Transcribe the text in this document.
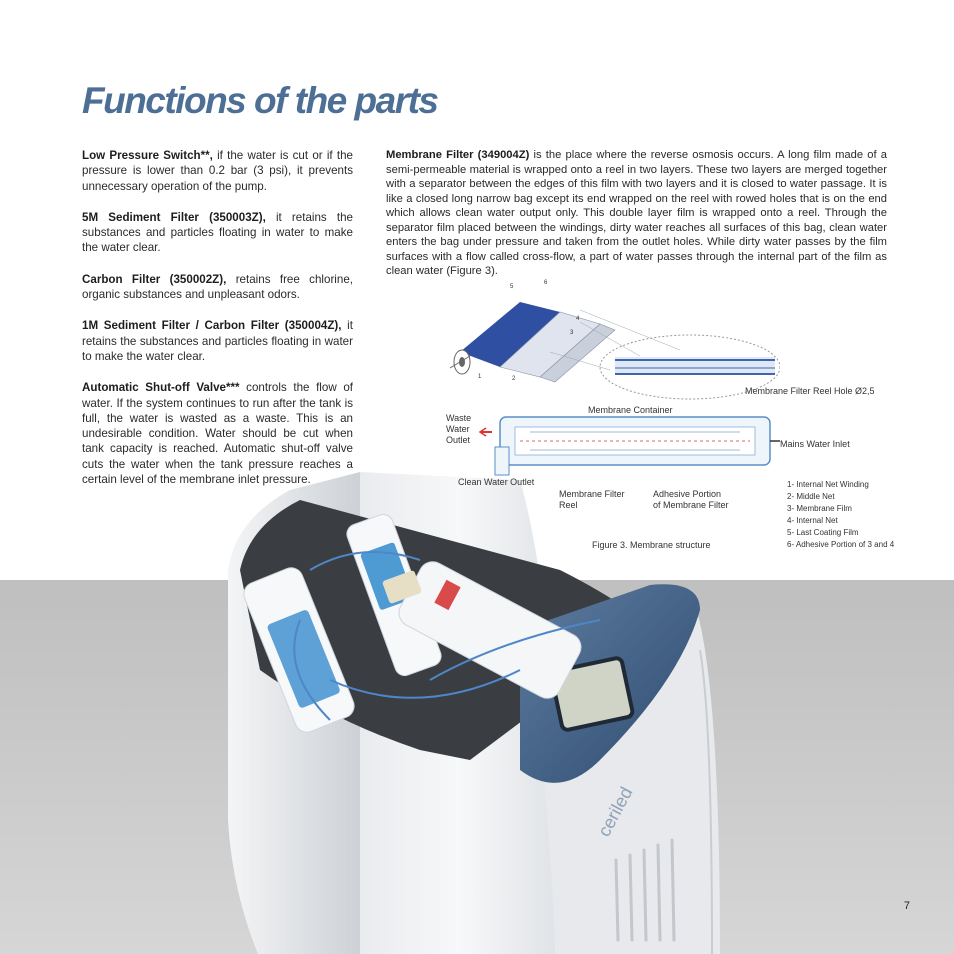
Functions of the parts

Low Pressure Switch**, if the water is cut or if the pressure is lower than 0.2 bar (3 psi), it prevents unnecessary operation of the pump.

5M Sediment Filter (350003Z), it retains the substances and particles floating in water to make the water clear.

Carbon Filter (350002Z), retains free chlorine, organic substances and unpleasant odors.

1M Sediment Filter / Carbon Filter (350004Z), it retains the substances and particles floating in water to make the water clear.

Automatic Shut-off Valve*** controls the flow of water. If the system continues to run after the tank is full, the water is wasted as a waste. This is an undesirable condition. Water should be cut when tank capacity is reached. Automatic shut-off valve cuts the water when the tank pressure reaches a certain level of the membrane inlet pressure.

Membrane Filter (349004Z) is the place where the reverse osmosis occurs. A long film made of a semi-permeable material is wrapped onto a reel in two layers. These two layers are merged together with a separator between the edges of this film with two layers and it is closed to water passage. It is like a closed long narrow bag except its end wrapped on the reel with rowed holes that is on the end which allows clean water output only. This double layer film is wrapped onto a reel. Through the separator film placed between the windings, dirty water reaches all surfaces of this bag, clean water enters the bag under pressure and taken from the outlet holes. While dirty water passes by the film surfaces with a flow called cross-flow, a part of water passes through the internal part of the film as clean water (Figure 3).

ceriled
1	2
3
4
5
6
Membrane Filter Reel Hole Ø2,5
Membrane Container
Waste
Water
Outlet	Mains Water Inlet
Clean Water Outlet
Membrane Filter
Reel
Adhesive Portion
of Membrane Filter
Figure 3. Membrane structure
1- Internal Net Winding
2- Middle Net
3- Membrane Film
4- Internal Net
5- Last Coating Film
6- Adhesive Portion of 3 and 4
7
